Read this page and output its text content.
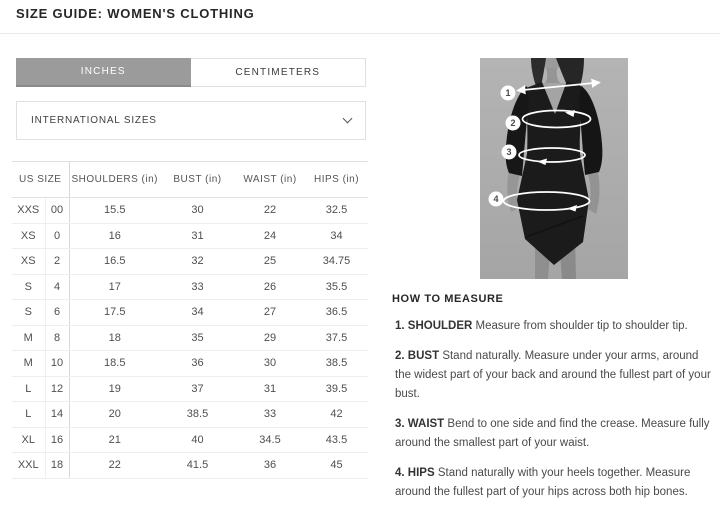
SIZE GUIDE: WOMEN'S CLOTHING
INCHES	CENTIMETERS
INTERNATIONAL SIZES
US SIZE		SHOULDERS (in)	BUST (in)	WAIST (in)	HIPS (in)
XXS	00	15.5	30	22	32.5
XS	0	16	31	24	34
XS	2	16.5	32	25	34.75
S	4	17	33	26	35.5
S	6	17.5	34	27	36.5
M	8	18	35	29	37.5
M	10	18.5	36	30	38.5
L	12	19	37	31	39.5
L	14	20	38.5	33	42
XL	16	21	40	34.5	43.5
XXL	18	22	41.5	36	45
1
2
3
4
HOW TO MEASURE

1. SHOULDER Measure from shoulder tip to shoulder tip.

2. BUST Stand naturally. Measure under your arms, around the widest part of your back and around the fullest part of your bust.

3. WAIST Bend to one side and find the crease. Measure fully around the smallest part of your waist.

4. HIPS Stand naturally with your heels together. Measure around the fullest part of your hips across both hip bones.
